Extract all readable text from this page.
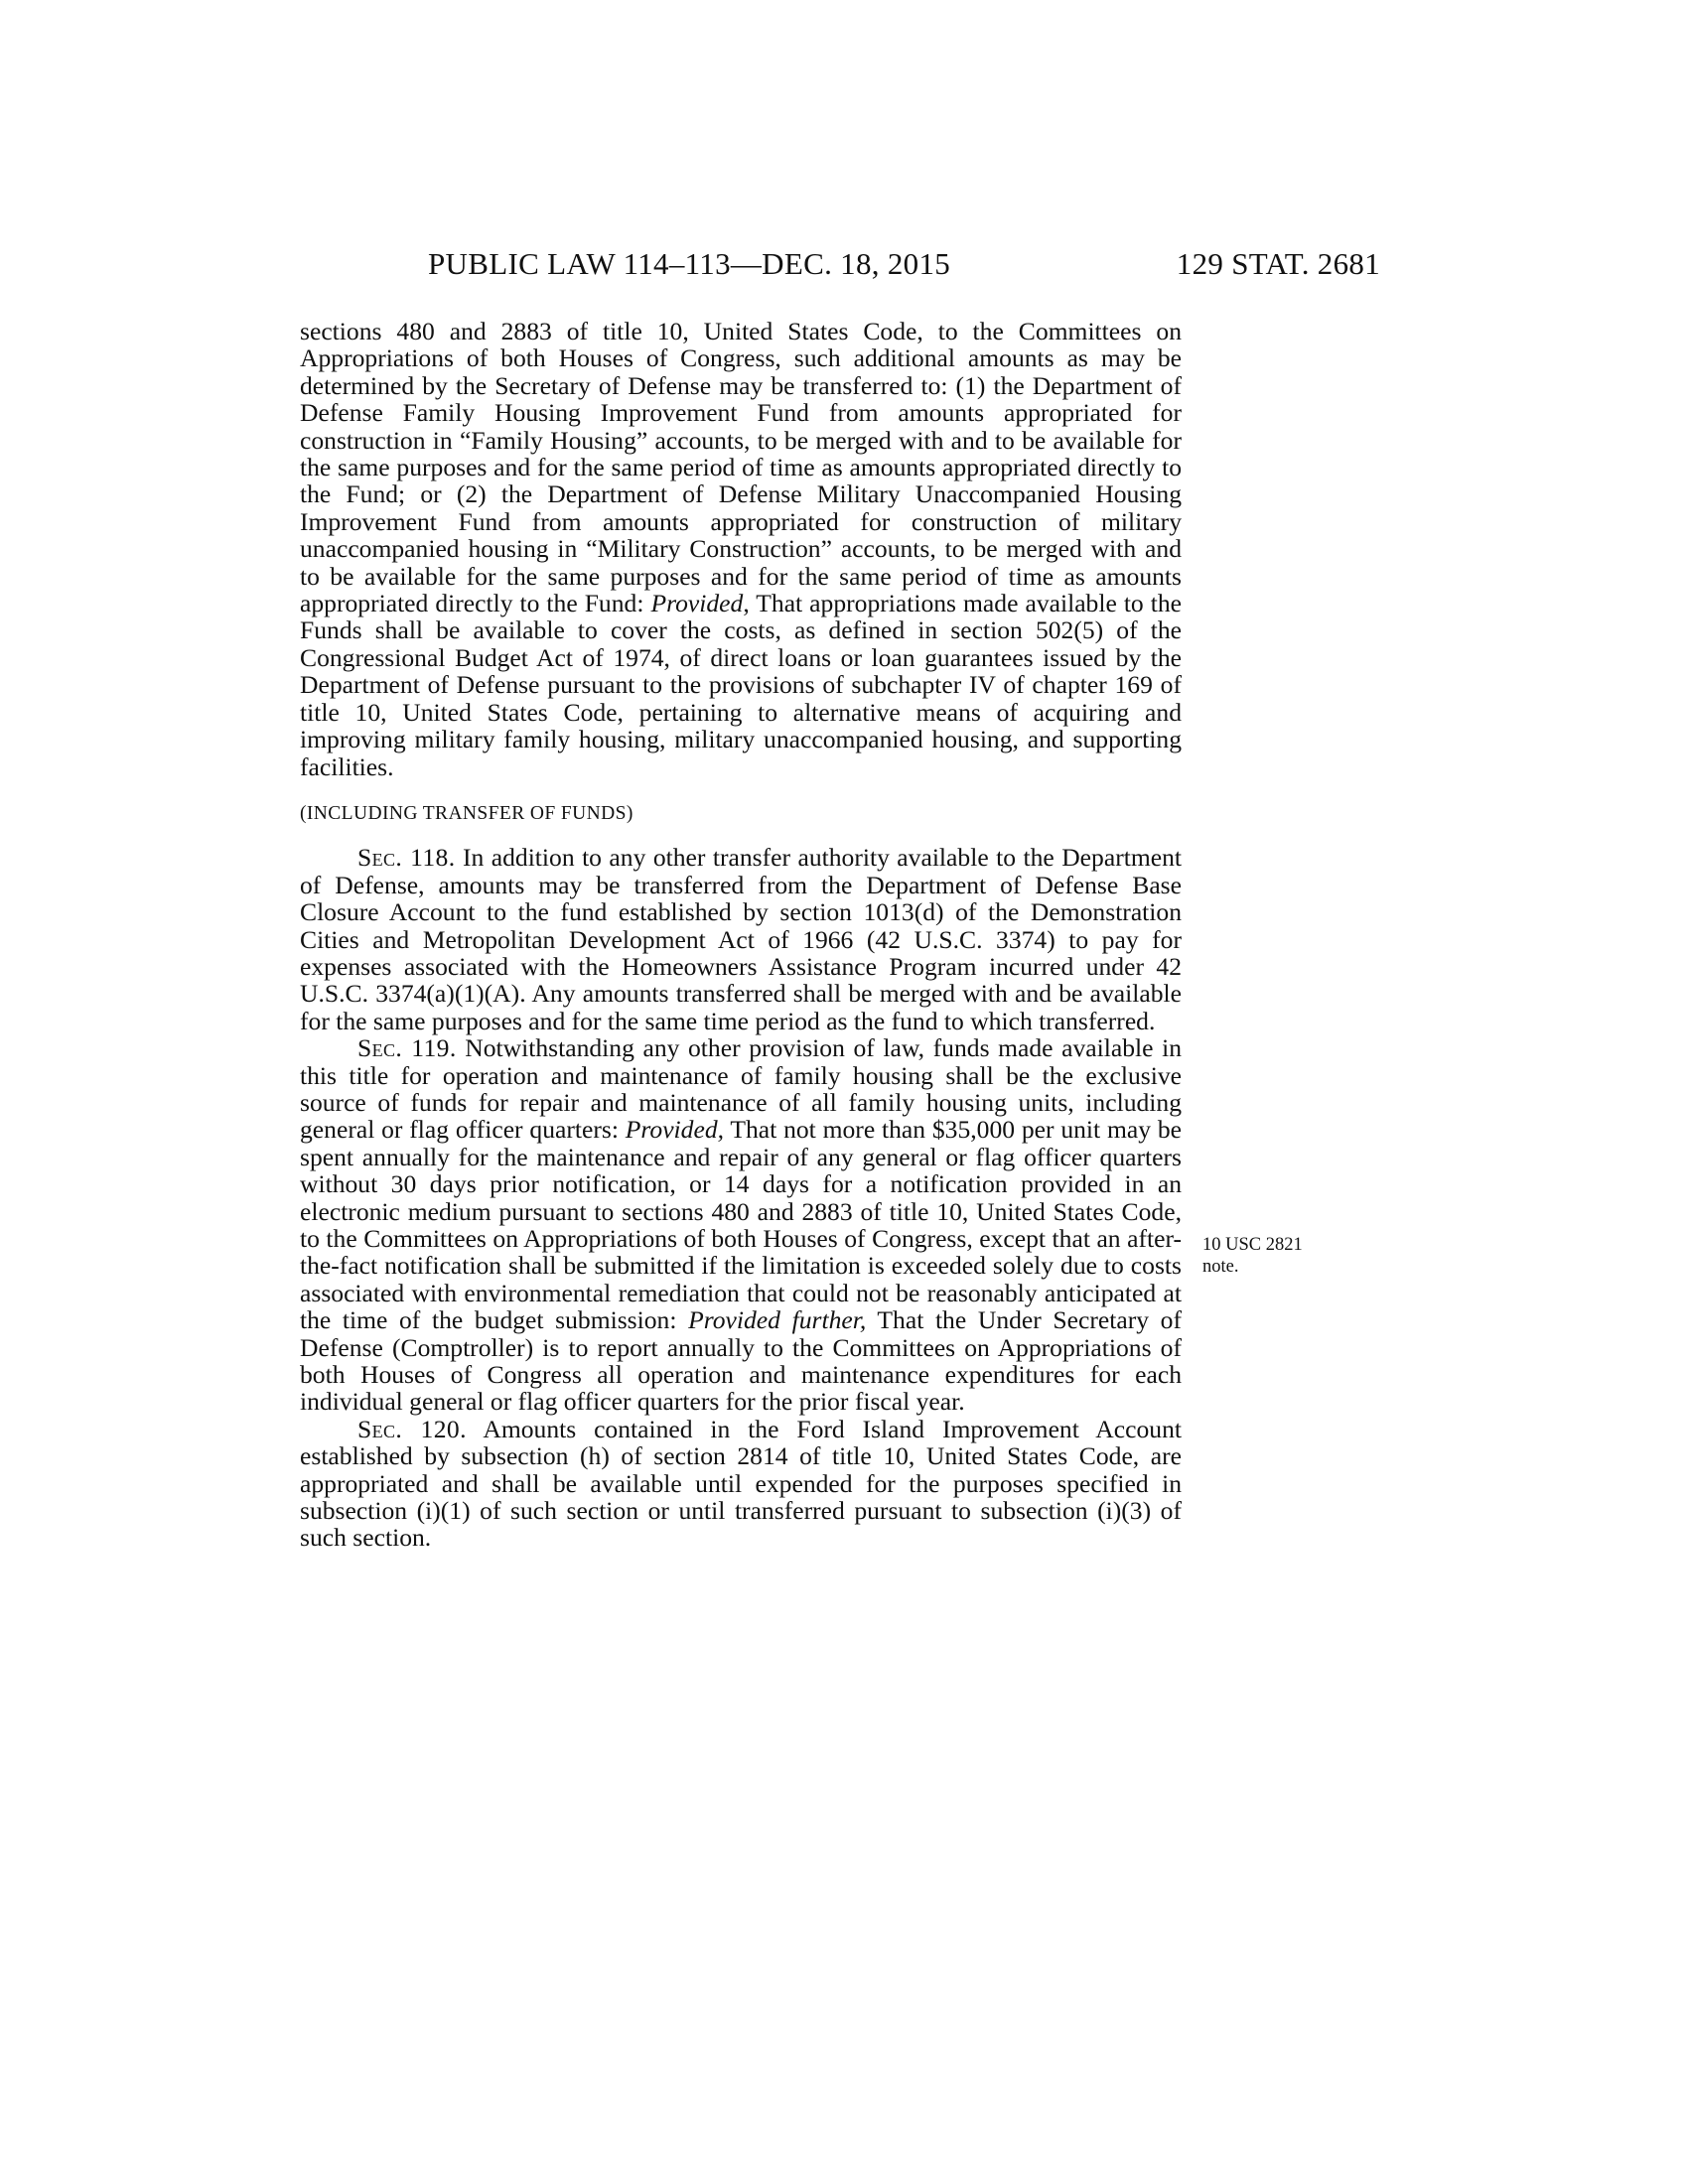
PUBLIC LAW 114–113—DEC. 18, 2015	129 STAT. 2681

sections 480 and 2883 of title 10, United States Code, to the Committees on Appropriations of both Houses of Congress, such additional amounts as may be determined by the Secretary of Defense may be transferred to: (1) the Department of Defense Family Housing Improvement Fund from amounts appropriated for construction in “Family Housing” accounts, to be merged with and to be available for the same purposes and for the same period of time as amounts appropriated directly to the Fund; or (2) the Department of Defense Military Unaccompanied Housing Improvement Fund from amounts appropriated for construction of military unaccompanied housing in “Military Construction” accounts, to be merged with and to be available for the same purposes and for the same period of time as amounts appropriated directly to the Fund: Provided, That appropriations made available to the Funds shall be available to cover the costs, as defined in section 502(5) of the Congressional Budget Act of 1974, of direct loans or loan guarantees issued by the Department of Defense pursuant to the provisions of subchapter IV of chapter 169 of title 10, United States Code, pertaining to alternative means of acquiring and improving military family housing, military unaccompanied housing, and supporting facilities.

(INCLUDING TRANSFER OF FUNDS)

Sec. 118. In addition to any other transfer authority available to the Department of Defense, amounts may be transferred from the Department of Defense Base Closure Account to the fund established by section 1013(d) of the Demonstration Cities and Metropolitan Development Act of 1966 (42 U.S.C. 3374) to pay for expenses associated with the Homeowners Assistance Program incurred under 42 U.S.C. 3374(a)(1)(A). Any amounts transferred shall be merged with and be available for the same purposes and for the same time period as the fund to which transferred.

Sec. 119. Notwithstanding any other provision of law, funds made available in this title for operation and maintenance of family housing shall be the exclusive source of funds for repair and maintenance of all family housing units, including general or flag officer quarters: Provided, That not more than $35,000 per unit may be spent annually for the maintenance and repair of any general or flag officer quarters without 30 days prior notification, or 14 days for a notification provided in an electronic medium pursuant to sections 480 and 2883 of title 10, United States Code, to the Committees on Appropriations of both Houses of Congress, except that an after-the-fact notification shall be submitted if the limitation is exceeded solely due to costs associated with environmental remediation that could not be reasonably anticipated at the time of the budget submission: Provided further, That the Under Secretary of Defense (Comptroller) is to report annually to the Committees on Appropriations of both Houses of Congress all operation and maintenance expenditures for each individual general or flag officer quarters for the prior fiscal year.

Sec. 120. Amounts contained in the Ford Island Improvement Account established by subsection (h) of section 2814 of title 10, United States Code, are appropriated and shall be available until expended for the purposes specified in subsection (i)(1) of such section or until transferred pursuant to subsection (i)(3) of such section.

10 USC 2821
note.
